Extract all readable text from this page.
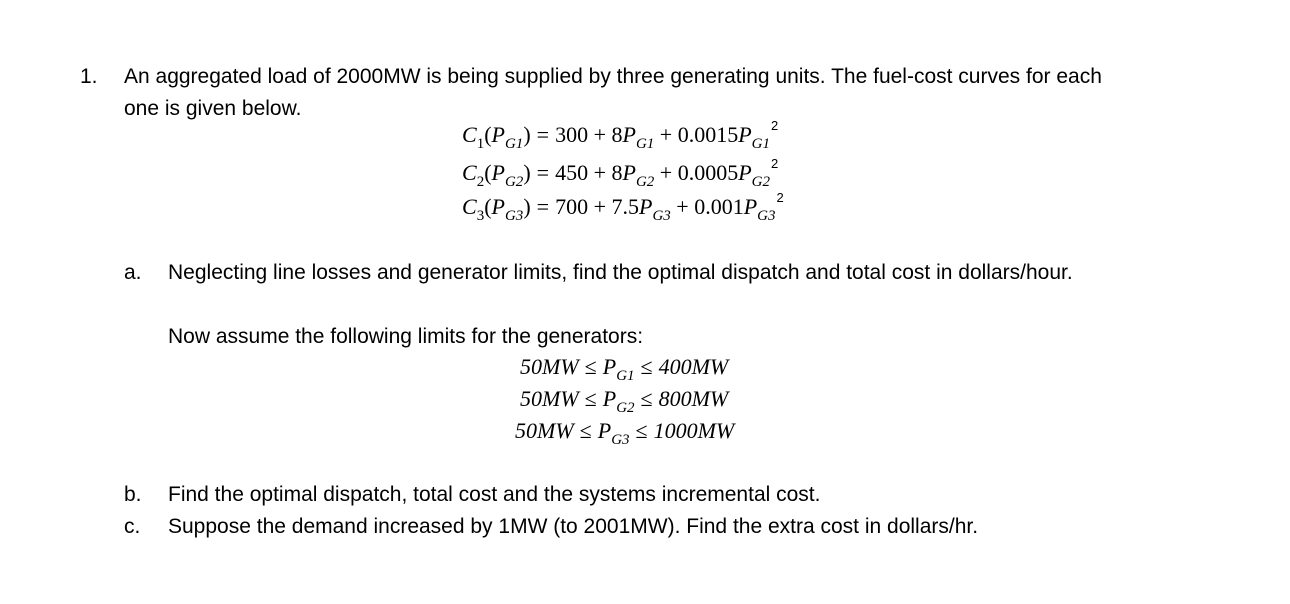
1. An aggregated load of 2000MW is being supplied by three generating units. The fuel-cost curves for each
one is given below.
$C_1(P_{G1}) = 300 + 8P_{G1} + 0.0015P_{G1}^2$
$C_2(P_{G2}) = 450 + 8P_{G2} + 0.0005P_{G2}^2$
$C_3(P_{G3}) = 700 + 7.5P_{G3} + 0.001P_{G3}^2$
a. Neglecting line losses and generator limits, find the optimal dispatch and total cost in dollars/hour.
Now assume the following limits for the generators:
$50MW \le P_{G1} \le 400MW$
$50MW \le P_{G2} \le 800MW$
$50MW \le P_{G3} \le 1000MW$
b. Find the optimal dispatch, total cost and the systems incremental cost.
c. Suppose the demand increased by 1MW (to 2001MW). Find the extra cost in dollars/hr.
